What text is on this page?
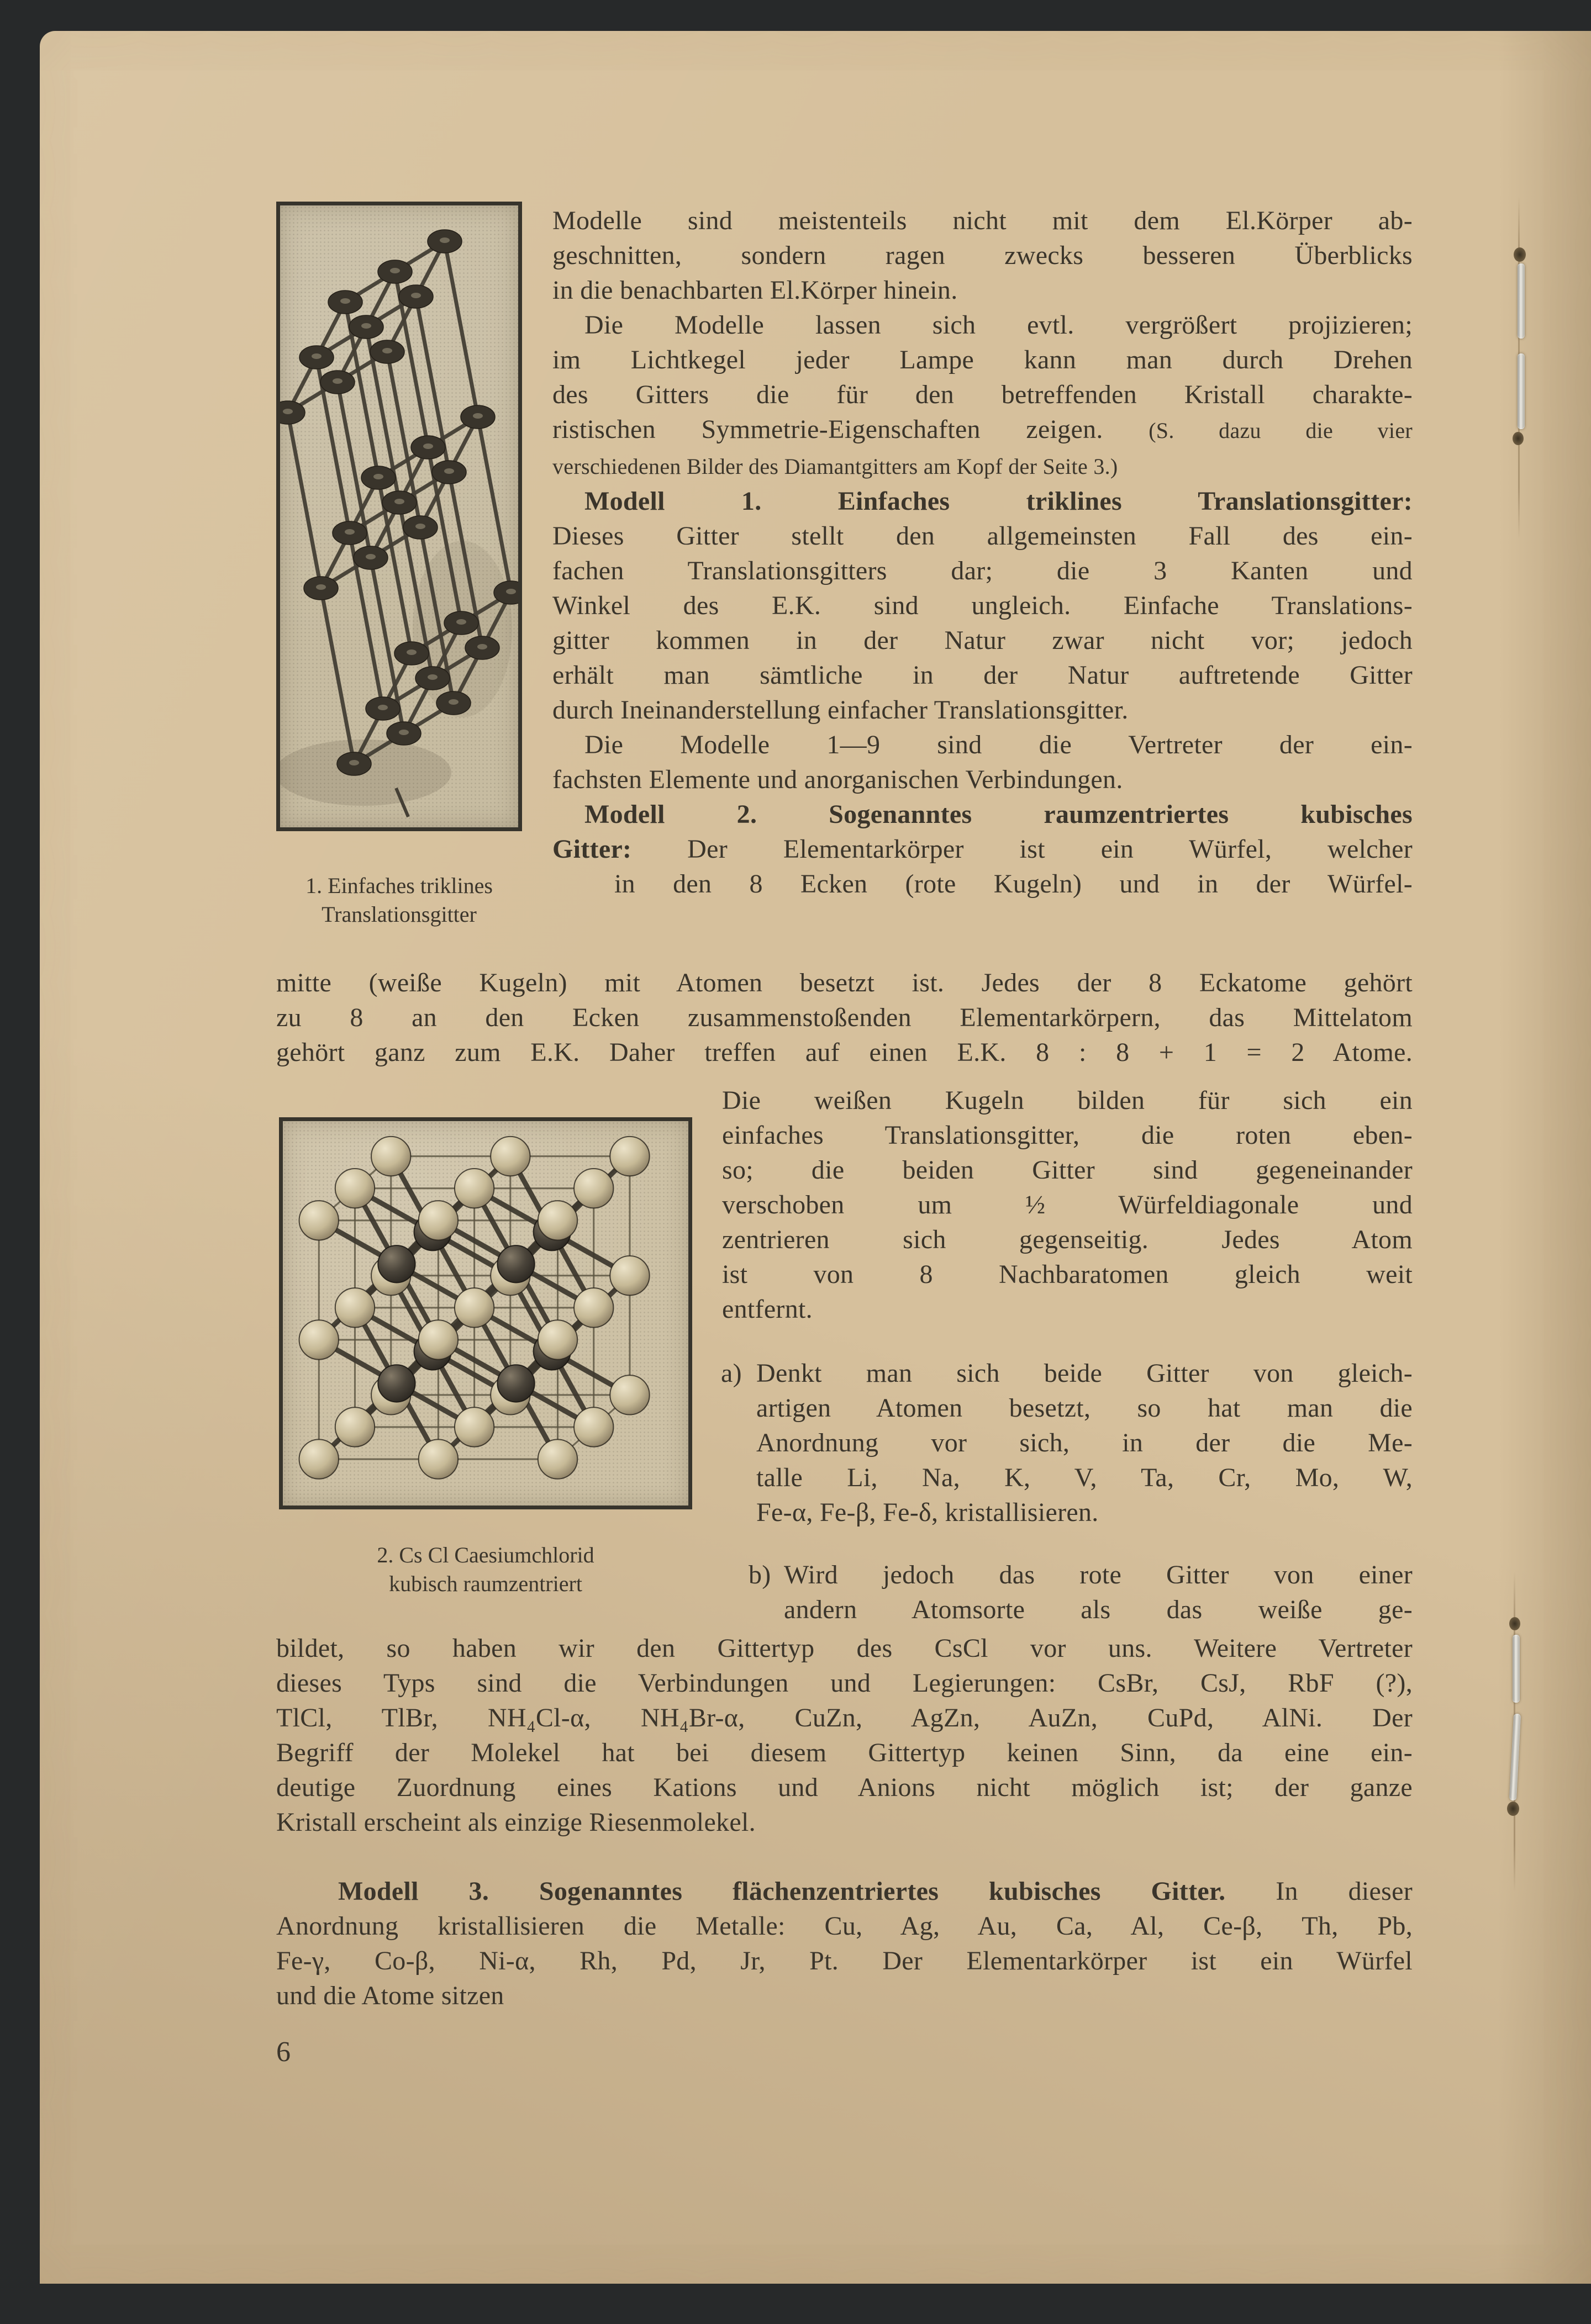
1. Einfaches triklines
Translationsgitter
2. Cs Cl Caesiumchlorid
kubisch raumzentriert
Modelle sind meistenteils nicht mit dem El.Körper ab-
geschnitten, sondern ragen zwecks besseren Überblicks
in die benachbarten El.Körper hinein.
Die Modelle lassen sich evtl. vergrößert projizieren;
im Lichtkegel jeder Lampe kann man durch Drehen
des Gitters die für den betreffenden Kristall charakte-
ristischen Symmetrie-Eigenschaften zeigen. (S. dazu die vier
verschiedenen Bilder des Diamantgitters am Kopf der Seite 3.)
Modell 1. Einfaches triklines Translationsgitter:
Dieses Gitter stellt den allgemeinsten Fall des ein-
fachen Translationsgitters dar; die 3 Kanten und
Winkel des E.K. sind ungleich. Einfache Translations-
gitter kommen in der Natur zwar nicht vor; jedoch
erhält man sämtliche in der Natur auftretende Gitter
durch Ineinanderstellung einfacher Translationsgitter.
Die Modelle 1—9 sind die Vertreter der ein-
fachsten Elemente und anorganischen Verbindungen.
Modell 2. Sogenanntes raumzentriertes kubisches
Gitter: Der Elementarkörper ist ein Würfel, welcher
in den 8 Ecken (rote Kugeln) und in der Würfel-
mitte (weiße Kugeln) mit Atomen besetzt ist. Jedes der 8 Eckatome gehört
zu 8 an den Ecken zusammenstoßenden Elementarkörpern, das Mittelatom
gehört ganz zum E.K. Daher treffen auf einen E.K. 8 : 8 + 1 = 2 Atome.
Die weißen Kugeln bilden für sich ein
einfaches Translationsgitter, die roten eben-
so; die beiden Gitter sind gegeneinander
verschoben um ½ Würfeldiagonale und
zentrieren sich gegenseitig. Jedes Atom
ist von 8 Nachbaratomen gleich weit
entfernt.
a) Denkt man sich beide Gitter von gleich-
artigen Atomen besetzt, so hat man die
Anordnung vor sich, in der die Me-
talle Li, Na, K, V, Ta, Cr, Mo, W,
Fe-α, Fe-β, Fe-δ, kristallisieren.
b) Wird jedoch das rote Gitter von einer
andern Atomsorte als das weiße ge-
bildet, so haben wir den Gittertyp des CsCl vor uns. Weitere Vertreter
dieses Typs sind die Verbindungen und Legierungen: CsBr, CsJ, RbF (?),
TlCl, TlBr, NH₄Cl-α, NH₄Br-α, CuZn, AgZn, AuZn, CuPd, AlNi. Der
Begriff der Molekel hat bei diesem Gittertyp keinen Sinn, da eine ein-
deutige Zuordnung eines Kations und Anions nicht möglich ist; der ganze
Kristall erscheint als einzige Riesenmolekel.
Modell 3. Sogenanntes flächenzentriertes kubisches Gitter. In dieser
Anordnung kristallisieren die Metalle: Cu, Ag, Au, Ca, Al, Ce-β, Th, Pb,
Fe-γ, Co-β, Ni-α, Rh, Pd, Jr, Pt. Der Elementarkörper ist ein Würfel
und die Atome sitzen
6
